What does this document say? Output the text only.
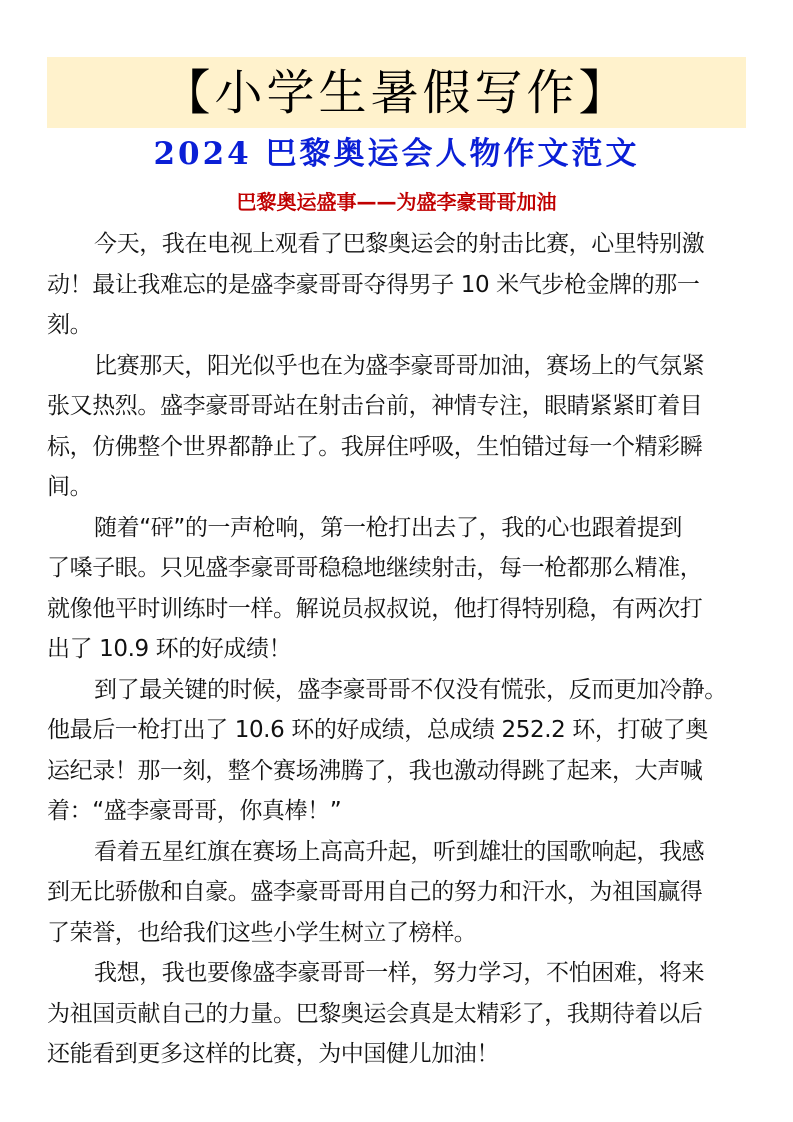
【小学生暑假写作】
2024 巴黎奥运会人物作文范文
巴黎奥运盛事——为盛李豪哥哥加油
今天，我在电视上观看了巴黎奥运会的射击比赛，心里特别激
动！最让我难忘的是盛李豪哥哥夺得男子 10 米气步枪金牌的那一
刻。
比赛那天，阳光似乎也在为盛李豪哥哥加油，赛场上的气氛紧
张又热烈。盛李豪哥哥站在射击台前，神情专注，眼睛紧紧盯着目
标，仿佛整个世界都静止了。我屏住呼吸，生怕错过每一个精彩瞬
间。
随着“砰”的一声枪响，第一枪打出去了，我的心也跟着提到
了嗓子眼。只见盛李豪哥哥稳稳地继续射击，每一枪都那么精准，
就像他平时训练时一样。解说员叔叔说，他打得特别稳，有两次打
出了 10.9 环的好成绩！
到了最关键的时候，盛李豪哥哥不仅没有慌张，反而更加冷静。
他最后一枪打出了 10.6 环的好成绩，总成绩 252.2 环，打破了奥
运纪录！那一刻，整个赛场沸腾了，我也激动得跳了起来，大声喊
着：“盛李豪哥哥，你真棒！”
看着五星红旗在赛场上高高升起，听到雄壮的国歌响起，我感
到无比骄傲和自豪。盛李豪哥哥用自己的努力和汗水，为祖国赢得
了荣誉，也给我们这些小学生树立了榜样。
我想，我也要像盛李豪哥哥一样，努力学习，不怕困难，将来
为祖国贡献自己的力量。巴黎奥运会真是太精彩了，我期待着以后
还能看到更多这样的比赛，为中国健儿加油！
